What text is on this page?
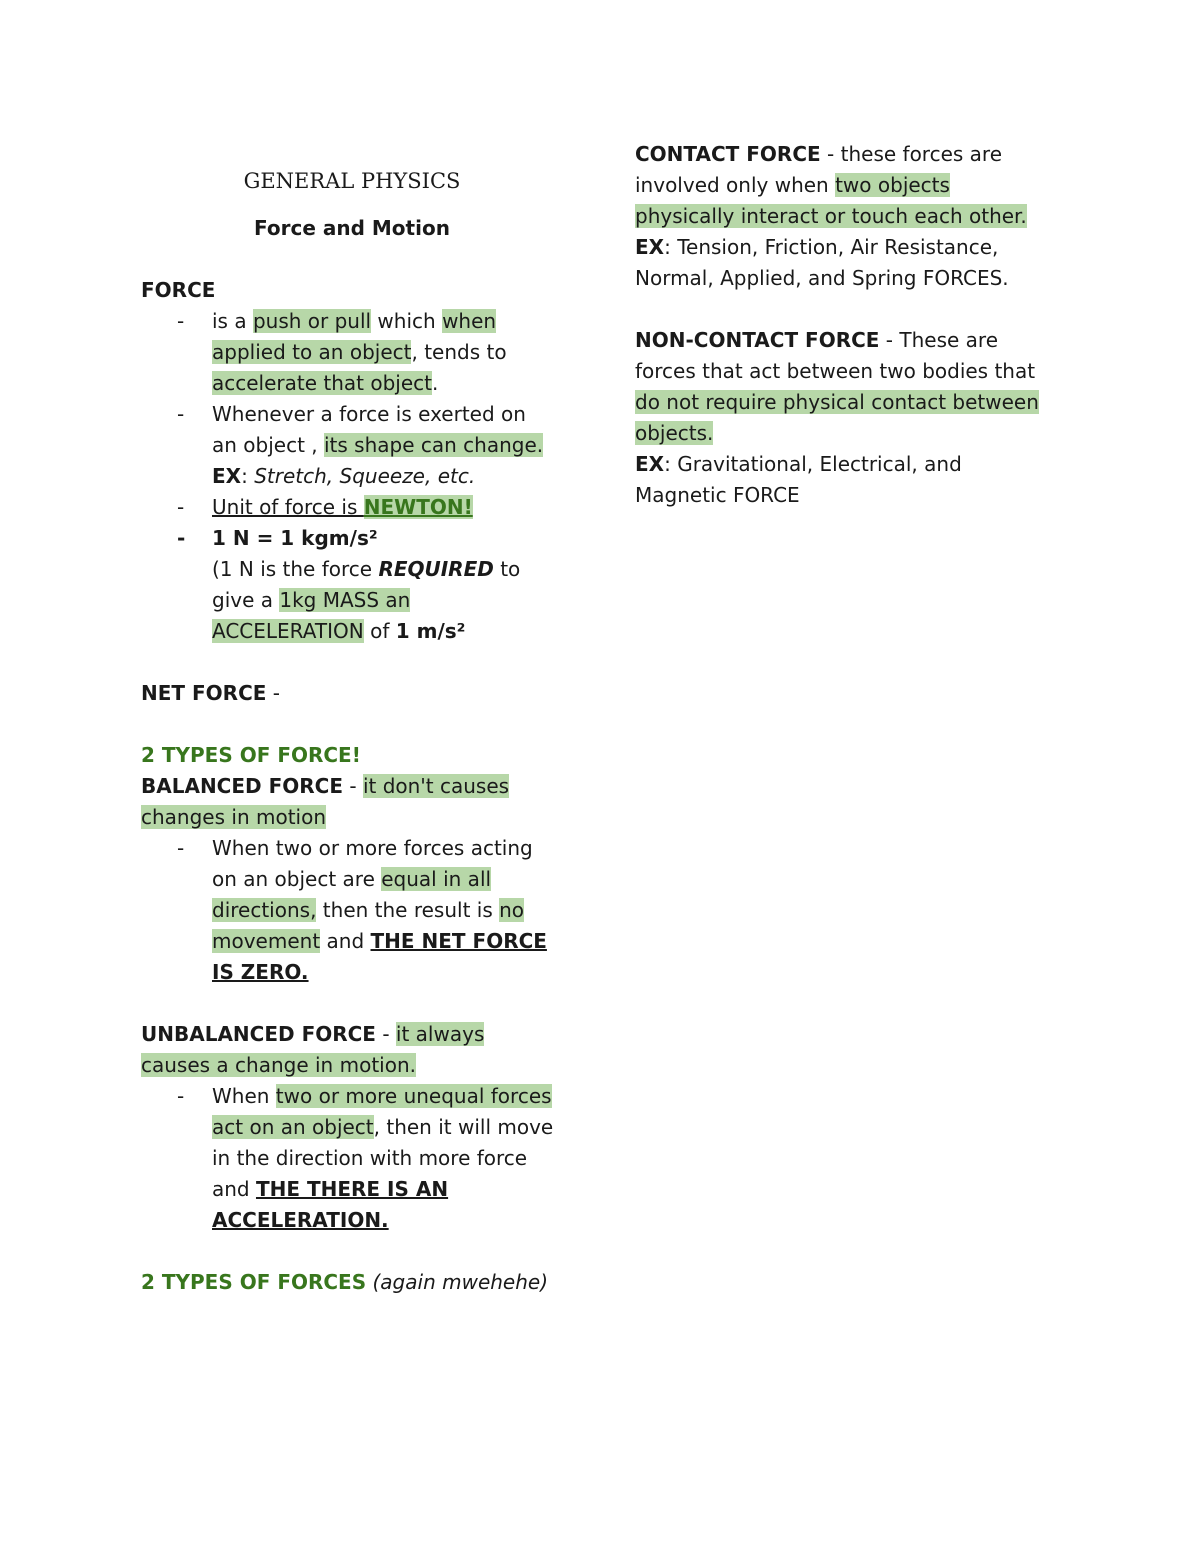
GENERAL PHYSICS
Force and Motion
FORCE
- is a push or pull which when
applied to an object, tends to
accelerate that object.
- Whenever a force is exerted on
an object , its shape can change.
EX: Stretch, Squeeze, etc.
- Unit of force is NEWTON!
- 1 N = 1 kgm/s²
(1 N is the force REQUIRED to
give a 1kg MASS an
ACCELERATION of 1 m/s²
NET FORCE -
2 TYPES OF FORCE!
BALANCED FORCE - it don't causes
changes in motion
- When two or more forces acting
on an object are equal in all
directions, then the result is no
movement and THE NET FORCE
IS ZERO.
UNBALANCED FORCE - it always
causes a change in motion.
- When two or more unequal forces
act on an object, then it will move
in the direction with more force
and THE THERE IS AN
ACCELERATION.
2 TYPES OF FORCES (again mwehehe)
CONTACT FORCE - these forces are
involved only when two objects
physically interact or touch each other.
EX: Tension, Friction, Air Resistance,
Normal, Applied, and Spring FORCES.
NON-CONTACT FORCE - These are
forces that act between two bodies that
do not require physical contact between
objects.
EX: Gravitational, Electrical, and
Magnetic FORCE
